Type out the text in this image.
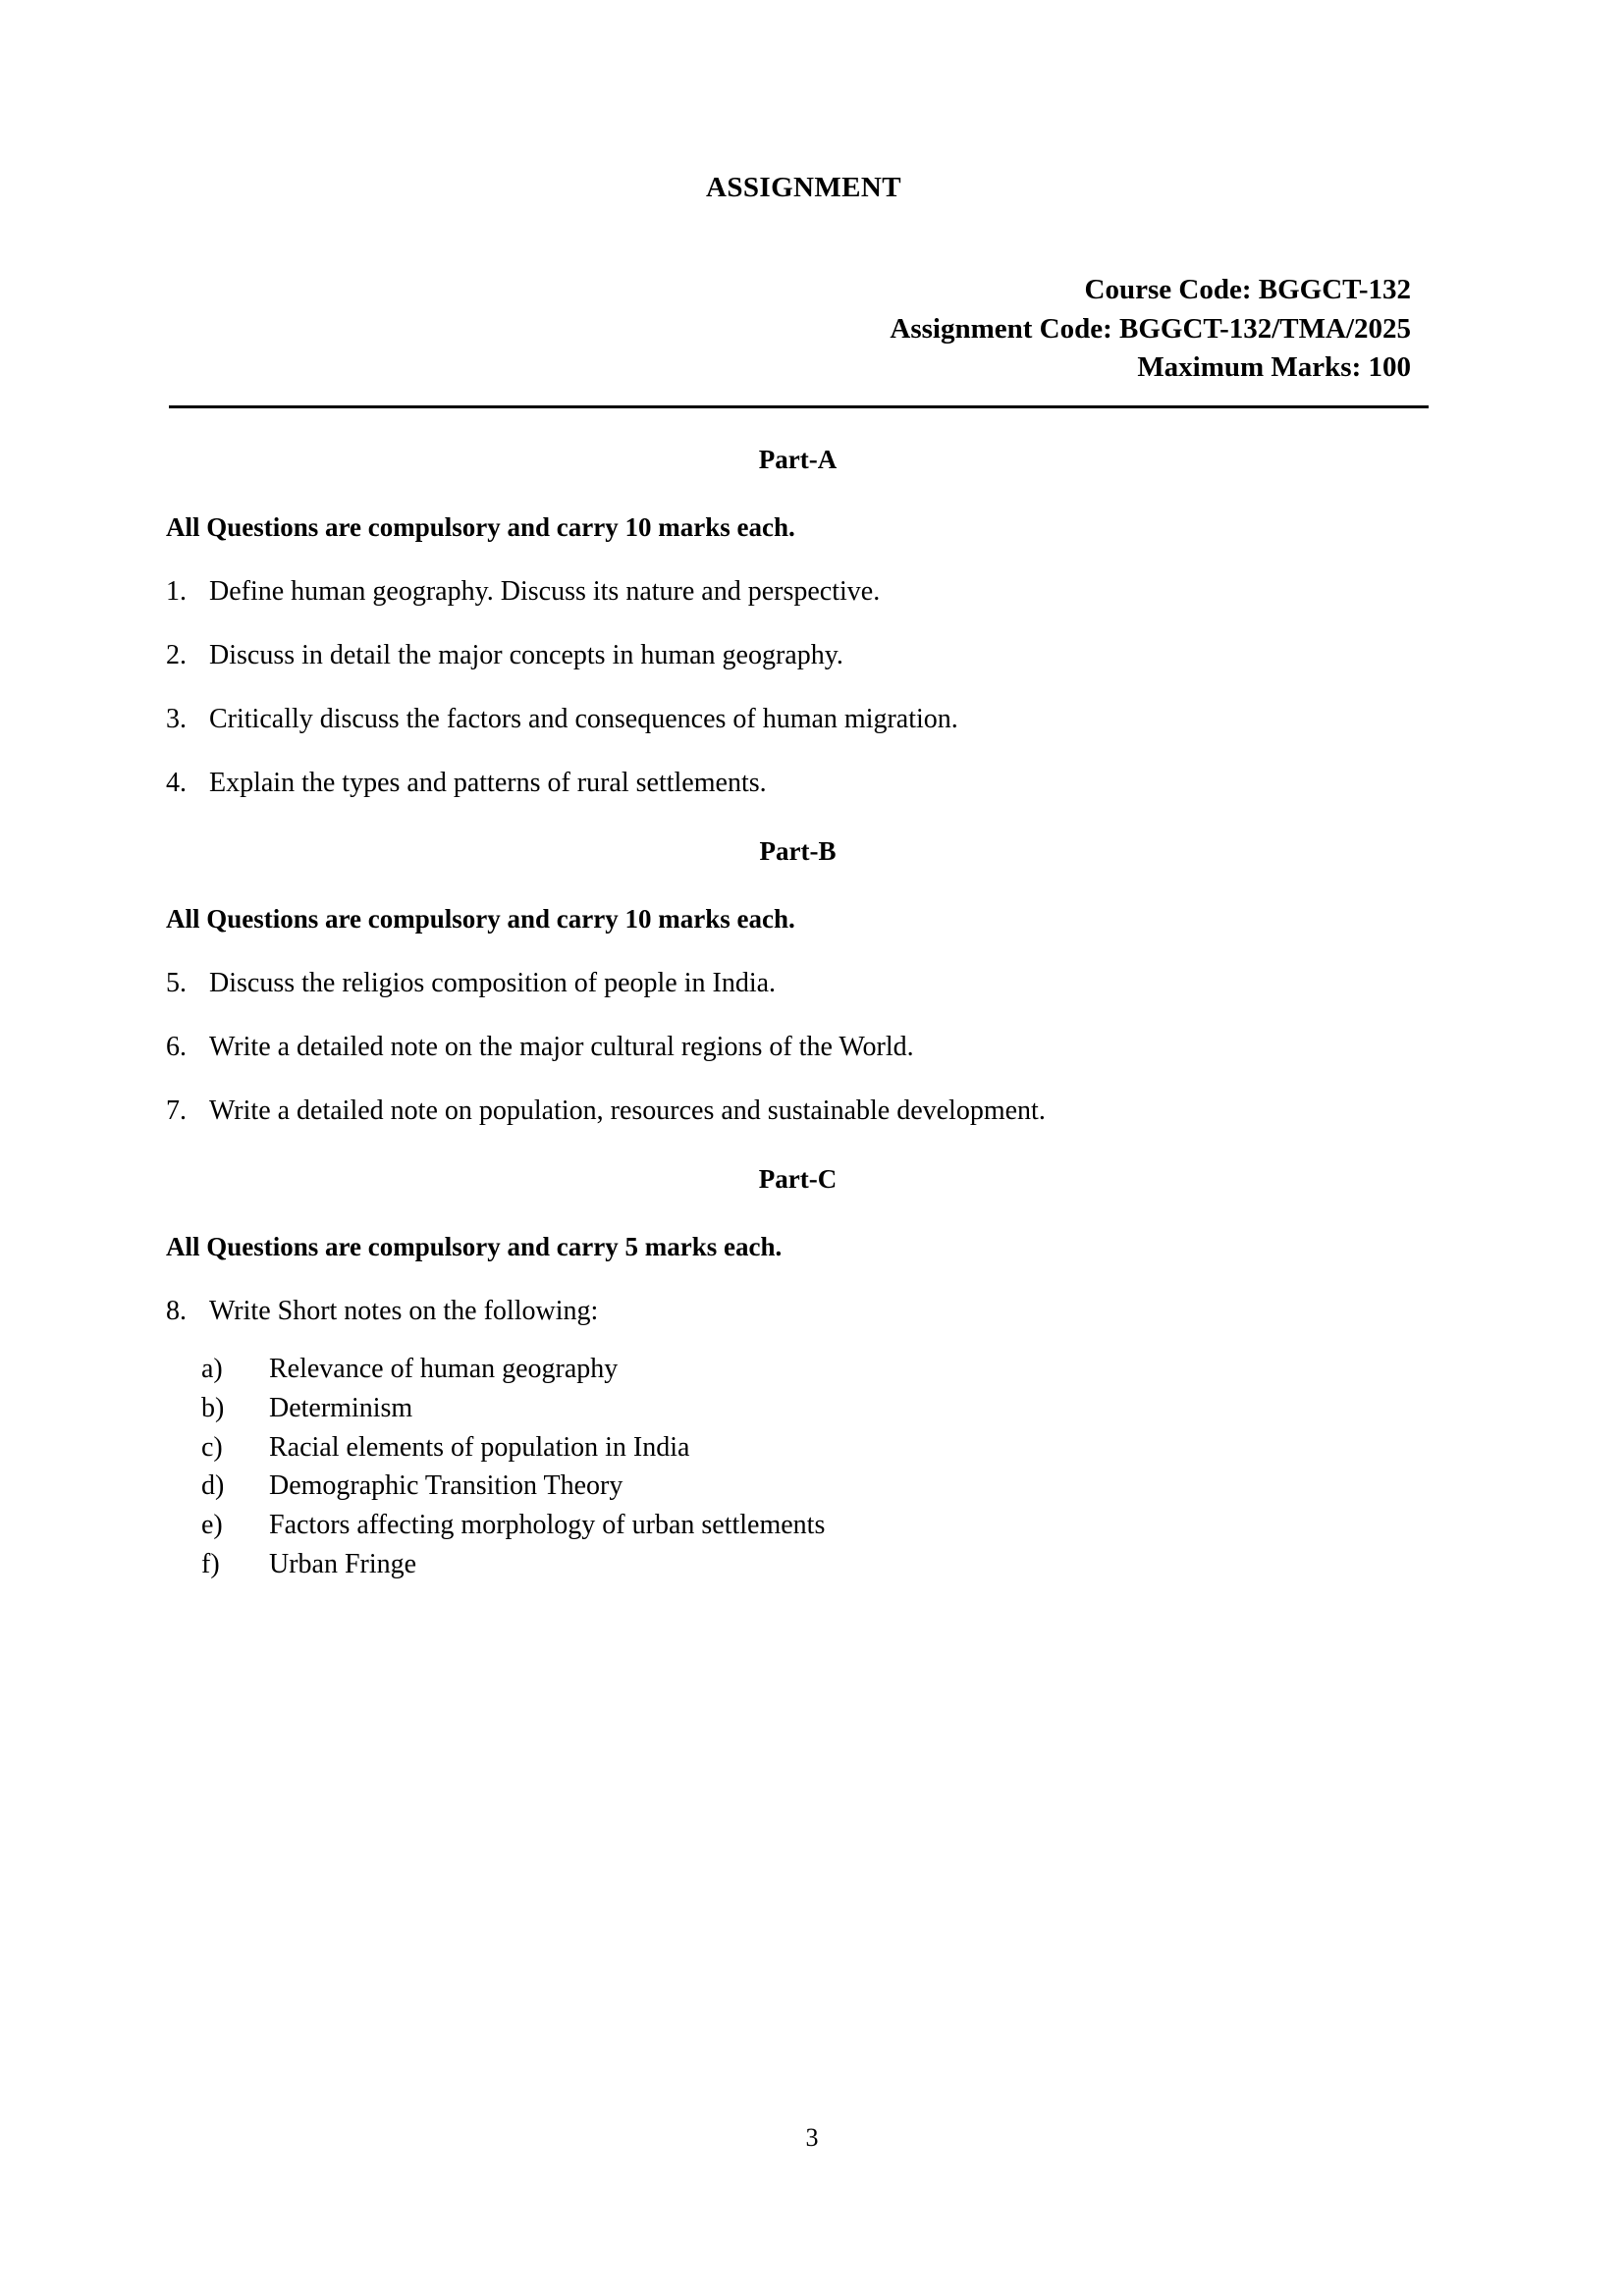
ASSIGNMENT
Course Code: BGGCT-132
Assignment Code: BGGCT-132/TMA/2025
Maximum Marks: 100
Part-A
All Questions are compulsory and carry 10 marks each.
1. Define human geography. Discuss its nature and perspective.
2. Discuss in detail the major concepts in human geography.
3. Critically discuss the factors and consequences of human migration.
4. Explain the types and patterns of rural settlements.
Part-B
All Questions are compulsory and carry 10 marks each.
5. Discuss the religios composition of people in India.
6. Write a detailed note on the major cultural regions of the World.
7. Write a detailed note on population, resources and sustainable development.
Part-C
All Questions are compulsory and carry 5 marks each.
8. Write Short notes on the following:
a)	Relevance of human geography
b)	Determinism
c)	Racial elements of population in India
d)	Demographic Transition Theory
e)	Factors affecting morphology of urban settlements
f)	Urban Fringe
3
